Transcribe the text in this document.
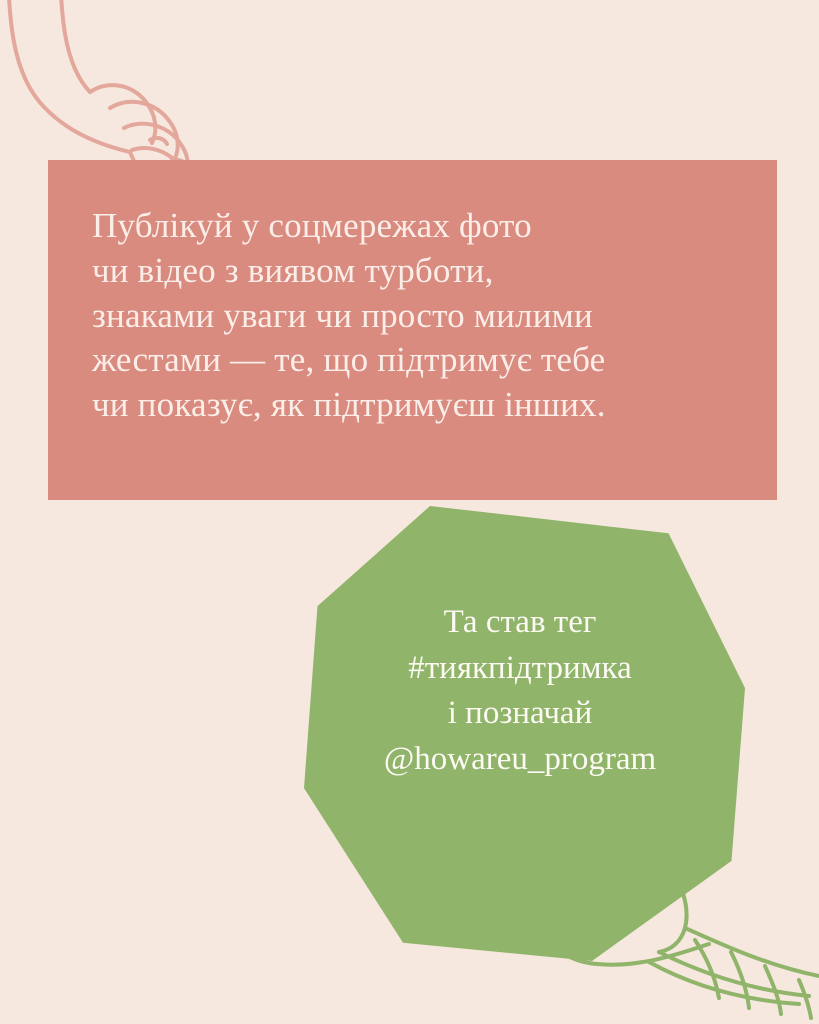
Публікуй у соцмережах фото

чи відео з виявом турботи,

знаками уваги чи просто милими

жестами — те, що підтримує тебе

чи показує, як підтримуєш інших.

Та став тег
#тиякпідтримка
і позначай
@howareu_program
